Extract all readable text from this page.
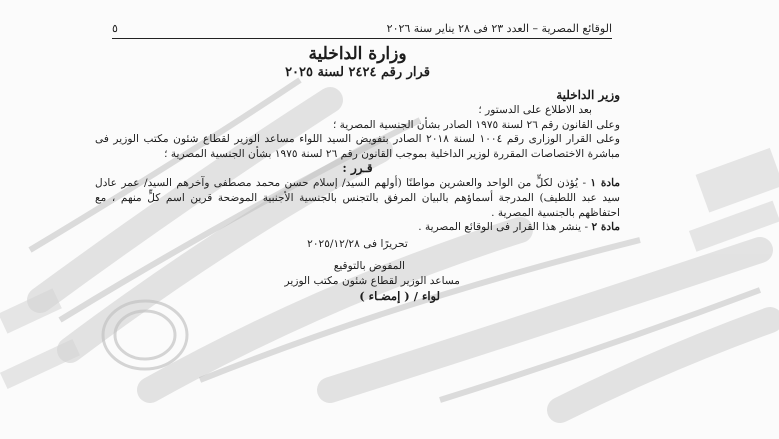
الوقائع المصرية – العدد ٢٣ فى ٢٨ يناير سنة ٢٠٢٦
٥

وزارة الداخلية

قرار رقم ٢٤٢٤ لسنة ٢٠٢٥

وزير الداخلية

بعد الاطلاع على الدستور ؛

وعلى القانون رقم ٢٦ لسنة ١٩٧٥ الصادر بشأن الجنسية المصرية ؛

وعلى القرار الوزارى رقم ١٠٠٤ لسنة ٢٠١٨ الصادر بتفويض السيد اللواء مساعد الوزير لقطاع شئون مكتب الوزير فى مباشرة الاختصاصات المقررة لوزير الداخلية بموجب القانون رقم ٢٦ لسنة ١٩٧٥ بشأن الجنسية المصرية ؛

قـرر :

مادة ١ - يُؤذن لكلٍّ من الواحد والعشرين مواطنًا (أولهم السيد/ إسلام حسن محمد مصطفى وآخرهم السيد/ عمر عادل سيد عبد اللطيف) المدرجة أسماؤهم بالبيان المرفق بالتجنس بالجنسية الأجنبية الموضحة قرين اسم كلٍّ منهم ، مع احتفاظهم بالجنسية المصرية .

مادة ٢ - ينشر هذا القرار فى الوقائع المصرية .

تحريرًا فى ٢٠٢٥/١٢/٢٨

المفوض بالتوقيع
مساعد الوزير لقطاع شئون مكتب الوزير
لواء / ( إمضـاء )
